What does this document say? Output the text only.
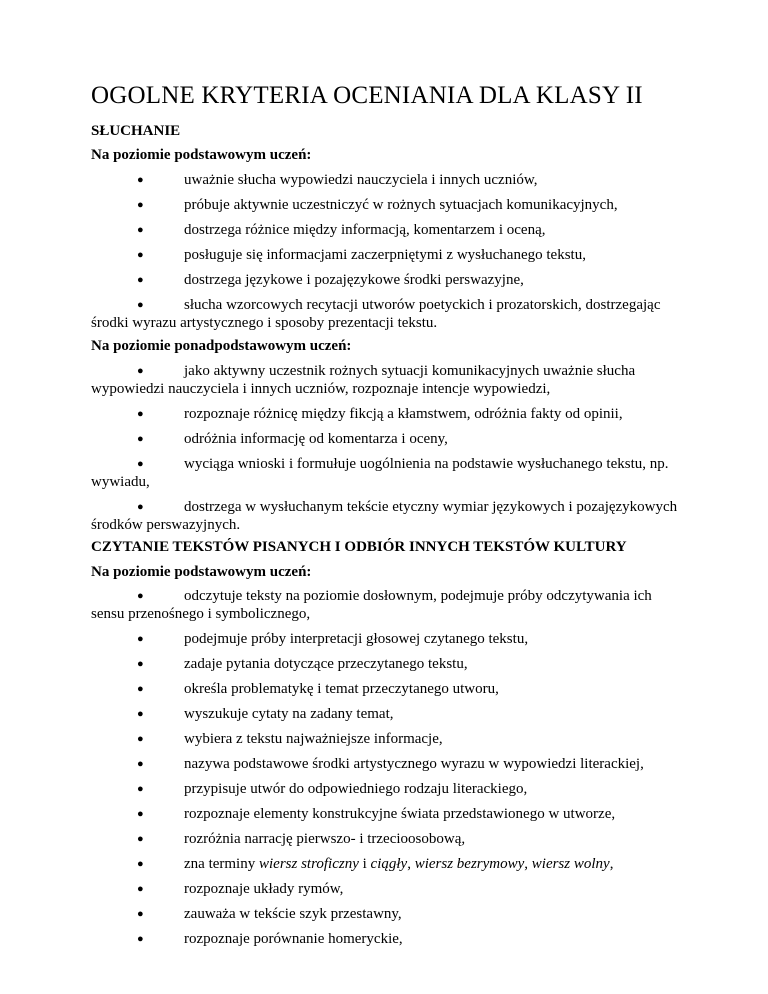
OGOLNE KRYTERIA OCENIANIA DLA KLASY II
SŁUCHANIE
Na poziomie podstawowym uczeń:
●	uważnie słucha wypowiedzi nauczyciela i innych uczniów,
●	próbuje aktywnie uczestniczyć w rożnych sytuacjach komunikacyjnych,
●	dostrzega różnice między informacją, komentarzem i oceną,
●	posługuje się informacjami zaczerpniętymi z wysłuchanego tekstu,
●	dostrzega językowe i pozajęzykowe środki perswazyjne,
●	słucha wzorcowych recytacji utworów poetyckich i prozatorskich, dostrzegając środki wyrazu artystycznego i sposoby prezentacji tekstu.
Na poziomie ponadpodstawowym uczeń:
●	jako aktywny uczestnik rożnych sytuacji komunikacyjnych uważnie słucha wypowiedzi nauczyciela i innych uczniów, rozpoznaje intencje wypowiedzi,
●	rozpoznaje różnicę między fikcją a kłamstwem, odróżnia fakty od opinii,
●	odróżnia informację od komentarza i oceny,
●	wyciąga wnioski i formułuje uogólnienia na podstawie wysłuchanego tekstu, np. wywiadu,
●	dostrzega w wysłuchanym tekście etyczny wymiar językowych i pozajęzykowych środków perswazyjnych.
CZYTANIE TEKSTÓW PISANYCH I ODBIÓR INNYCH TEKSTÓW KULTURY
Na poziomie podstawowym uczeń:
●	odczytuje teksty na poziomie dosłownym, podejmuje próby odczytywania ich sensu przenośnego i symbolicznego,
●	podejmuje próby interpretacji głosowej czytanego tekstu,
●	zadaje pytania dotyczące przeczytanego tekstu,
●	określa problematykę i temat przeczytanego utworu,
●	wyszukuje cytaty na zadany temat,
●	wybiera z tekstu najważniejsze informacje,
●	nazywa podstawowe środki artystycznego wyrazu w wypowiedzi literackiej,
●	przypisuje utwór do odpowiedniego rodzaju literackiego,
●	rozpoznaje elementy konstrukcyjne świata przedstawionego w utworze,
●	rozróżnia narrację pierwszo- i trzecioosobową,
●	zna terminy wiersz stroficzny i ciągły, wiersz bezrymowy, wiersz wolny,
●	rozpoznaje układy rymów,
●	zauważa w tekście szyk przestawny,
●	rozpoznaje porównanie homeryckie,
